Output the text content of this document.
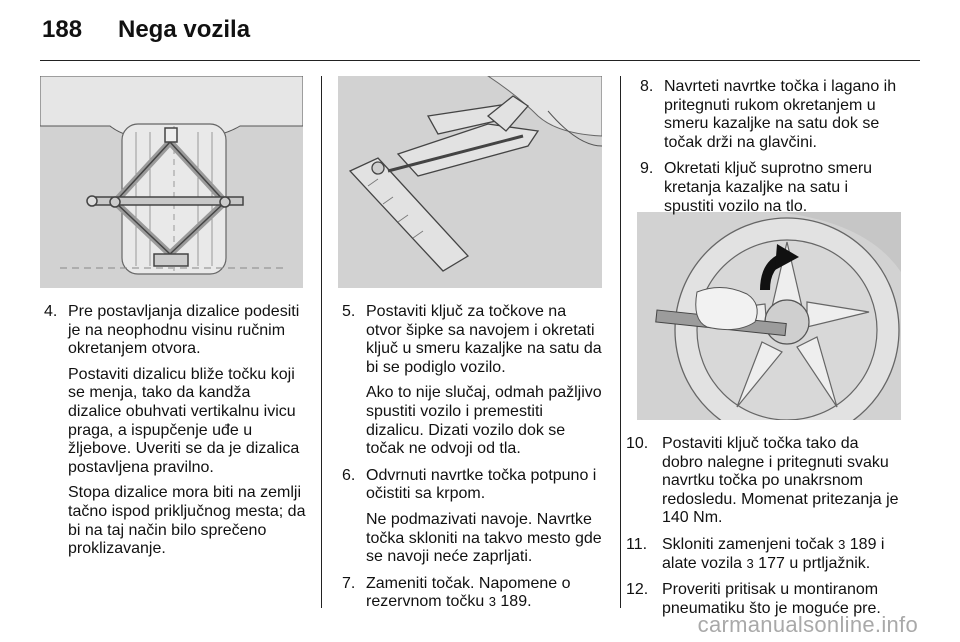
188 Nega vozila
4. Pre postavljanja dizalice podesiti je na neophodnu visinu ručnim okretanjem otvora.

Postaviti dizalicu bliže točku koji se menja, tako da kandža dizalice obuhvati vertikalnu ivicu praga, a ispupčenje uđe u žljebove. Uveriti se da je dizalica postavljena pravilno.

Stopa dizalice mora biti na zemlji tačno ispod priključnog mesta; da bi na taj način bilo sprečeno proklizavanje.

5. Postaviti ključ za točkove na otvor šipke sa navojem i okretati ključ u smeru kazaljke na satu da bi se podiglo vozilo.

Ako to nije slučaj, odmah pažljivo spustiti vozilo i premestiti dizalicu. Dizati vozilo dok se točak ne odvoji od tla.

6. Odvrnuti navrtke točka potpuno i očistiti sa krpom.

Ne podmazivati navoje. Navrtke točka skloniti na takvo mesto gde se navoji neće zaprljati.

7. Zameniti točak. Napomene o rezervnom točku 3 189.

8. Navrteti navrtke točka i lagano ih pritegnuti rukom okretanjem u smeru kazaljke na satu dok se točak drži na glavčini.

9. Okretati ključ suprotno smeru kretanja kazaljke na satu i spustiti vozilo na tlo.

10. Postaviti ključ točka tako da dobro nalegne i pritegnuti svaku navrtku točka po unakrsnom redosledu. Momenat pritezanja je 140 Nm.

11. Skloniti zamenjeni točak 3 189 i alate vozila 3 177 u prtljažnik.

12. Proveriti pritisak u montiranom pneumatiku što je moguće pre.

carmanualsonline.info
